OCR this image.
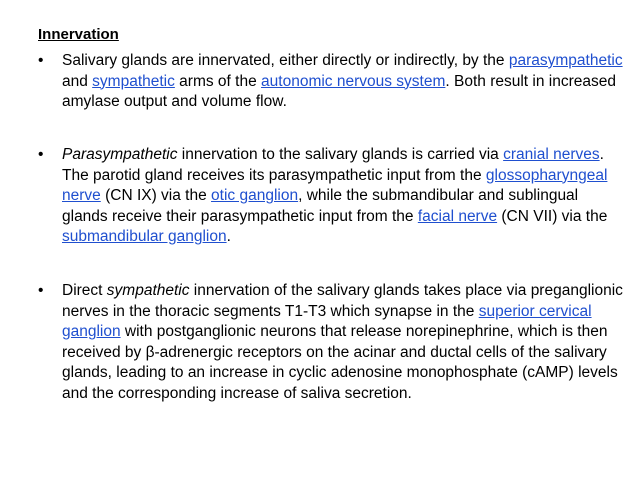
Innervation
•	Salivary glands are innervated, either directly or indirectly, by the parasympathetic and sympathetic arms of the autonomic nervous system. Both result in increased amylase output and volume flow.
•	Parasympathetic innervation to the salivary glands is carried via cranial nerves. The parotid gland receives its parasympathetic input from the glossopharyngeal nerve (CN IX) via the otic ganglion, while the submandibular and sublingual glands receive their parasympathetic input from the facial nerve (CN VII) via the submandibular ganglion.
•	Direct sympathetic innervation of the salivary glands takes place via preganglionic nerves in the thoracic segments T1-T3 which synapse in the superior cervical ganglion with postganglionic neurons that release norepinephrine, which is then received by β-adrenergic receptors on the acinar and ductal cells of the salivary glands, leading to an increase in cyclic adenosine monophosphate (cAMP) levels and the corresponding increase of saliva secretion.
